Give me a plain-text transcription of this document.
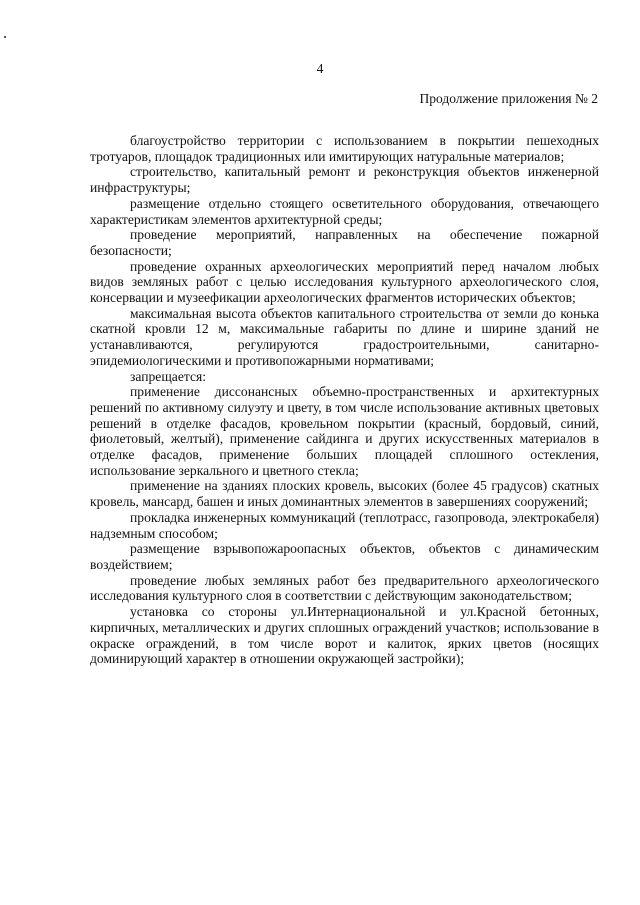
4
Продолжение приложения № 2

благоустройство территории с использованием в покрытии пешеходных тротуаров, площадок традиционных или имитирующих натуральные материалов;

строительство, капитальный ремонт и реконструкция объектов инженерной инфраструктуры;

размещение отдельно стоящего осветительного оборудования, отвечающего характеристикам элементов архитектурной среды;

проведение мероприятий, направленных на обеспечение пожарной безопасности;

проведение охранных археологических мероприятий перед началом любых видов земляных работ с целью исследования культурного археологического слоя, консервации и музеефикации археологических фрагментов исторических объектов;

максимальная высота объектов капитального строительства от земли до конька скатной кровли 12 м, максимальные габариты по длине и ширине зданий не устанавливаются, регулируются градостроительными, санитарно-эпидемиологическими и противопожарными нормативами;

запрещается:

применение диссонансных объемно-пространственных и архитектурных решений по активному силуэту и цвету, в том числе использование активных цветовых решений в отделке фасадов, кровельном покрытии (красный, бордовый, синий, фиолетовый, желтый), применение сайдинга и других искусственных материалов в отделке фасадов, применение больших площадей сплошного остекления, использование зеркального и цветного стекла;

применение на зданиях плоских кровель, высоких (более 45 градусов) скатных кровель, мансард, башен и иных доминантных элементов в завершениях сооружений;

прокладка инженерных коммуникаций (теплотрасс, газопровода, электрокабеля) надземным способом;

размещение взрывопожароопасных объектов, объектов с динамическим воздействием;

проведение любых земляных работ без предварительного археологического исследования культурного слоя в соответствии с действующим законодательством;

установка со стороны ул.Интернациональной и ул.Красной бетонных, кирпичных, металлических и других сплошных ограждений участков; использование в окраске ограждений, в том числе ворот и калиток, ярких цветов (носящих доминирующий характер в отношении окружающей застройки);
